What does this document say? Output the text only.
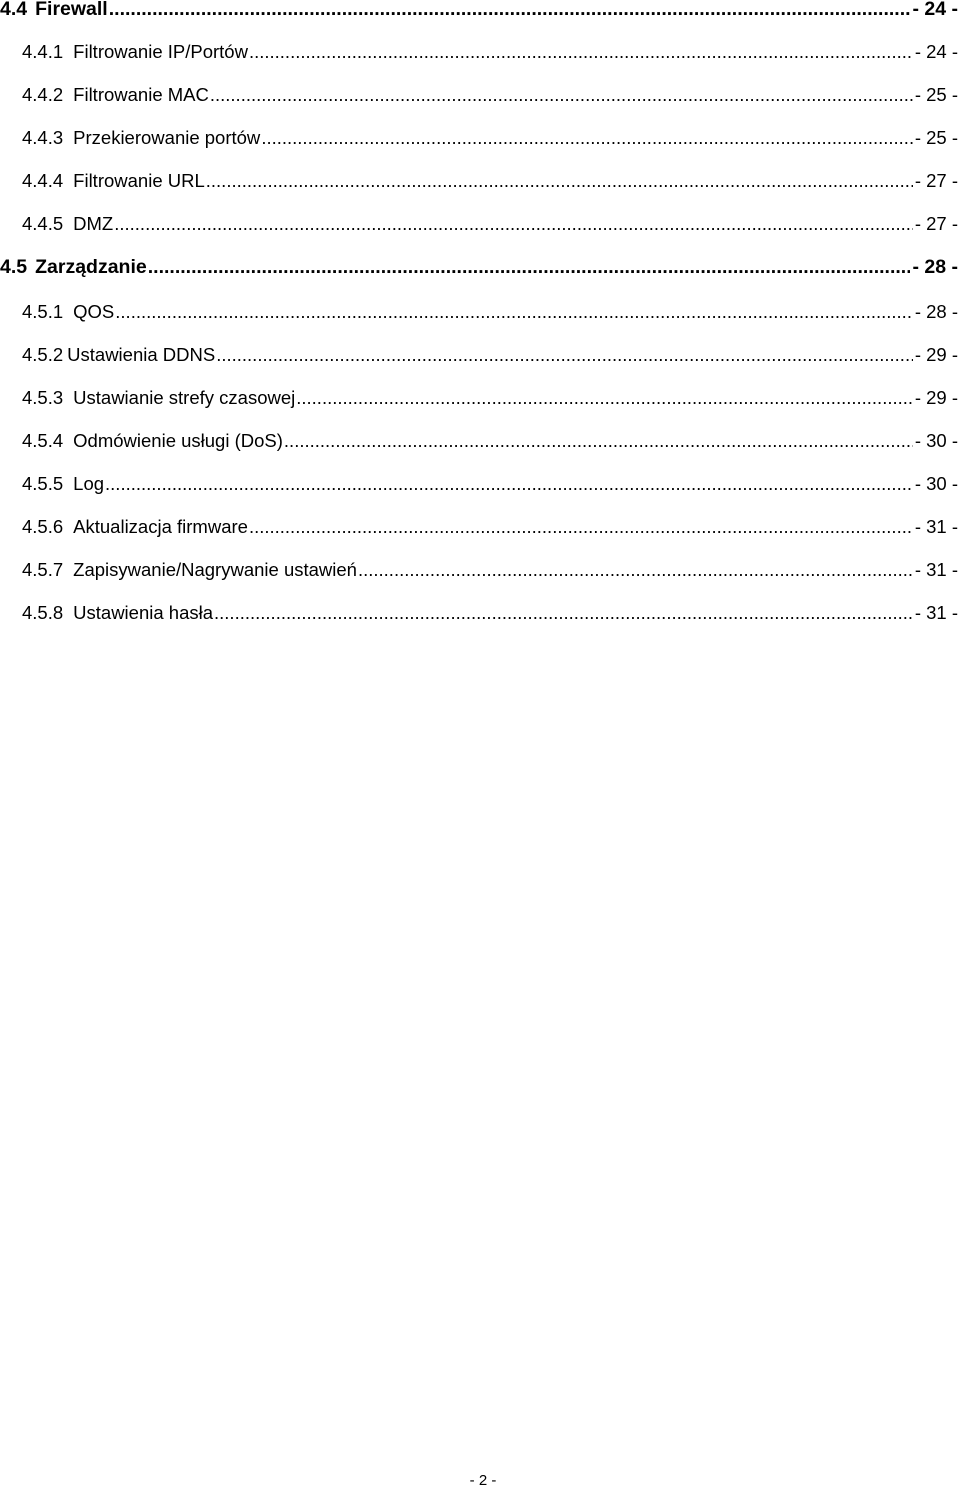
4.4 Firewall .....	- 24 -
4.4.1 Filtrowanie IP/Portów .....	- 24 -
4.4.2 Filtrowanie MAC .....	- 25 -
4.4.3 Przekierowanie portów .....	- 25 -
4.4.4 Filtrowanie URL .....	- 27 -
4.4.5 DMZ .....	- 27 -
4.5 Zarządzanie .....	- 28 -
4.5.1 QOS .....	- 28 -
4.5.2 Ustawienia DDNS .....	- 29 -
4.5.3 Ustawianie strefy czasowej .....	- 29 -
4.5.4 Odmówienie usługi (DoS) .....	- 30 -
4.5.5 Log .....	- 30 -
4.5.6 Aktualizacja firmware .....	- 31 -
4.5.7 Zapisywanie/Nagrywanie ustawień .....	- 31 -
4.5.8 Ustawienia hasła .....	- 31 -
- 2 -
